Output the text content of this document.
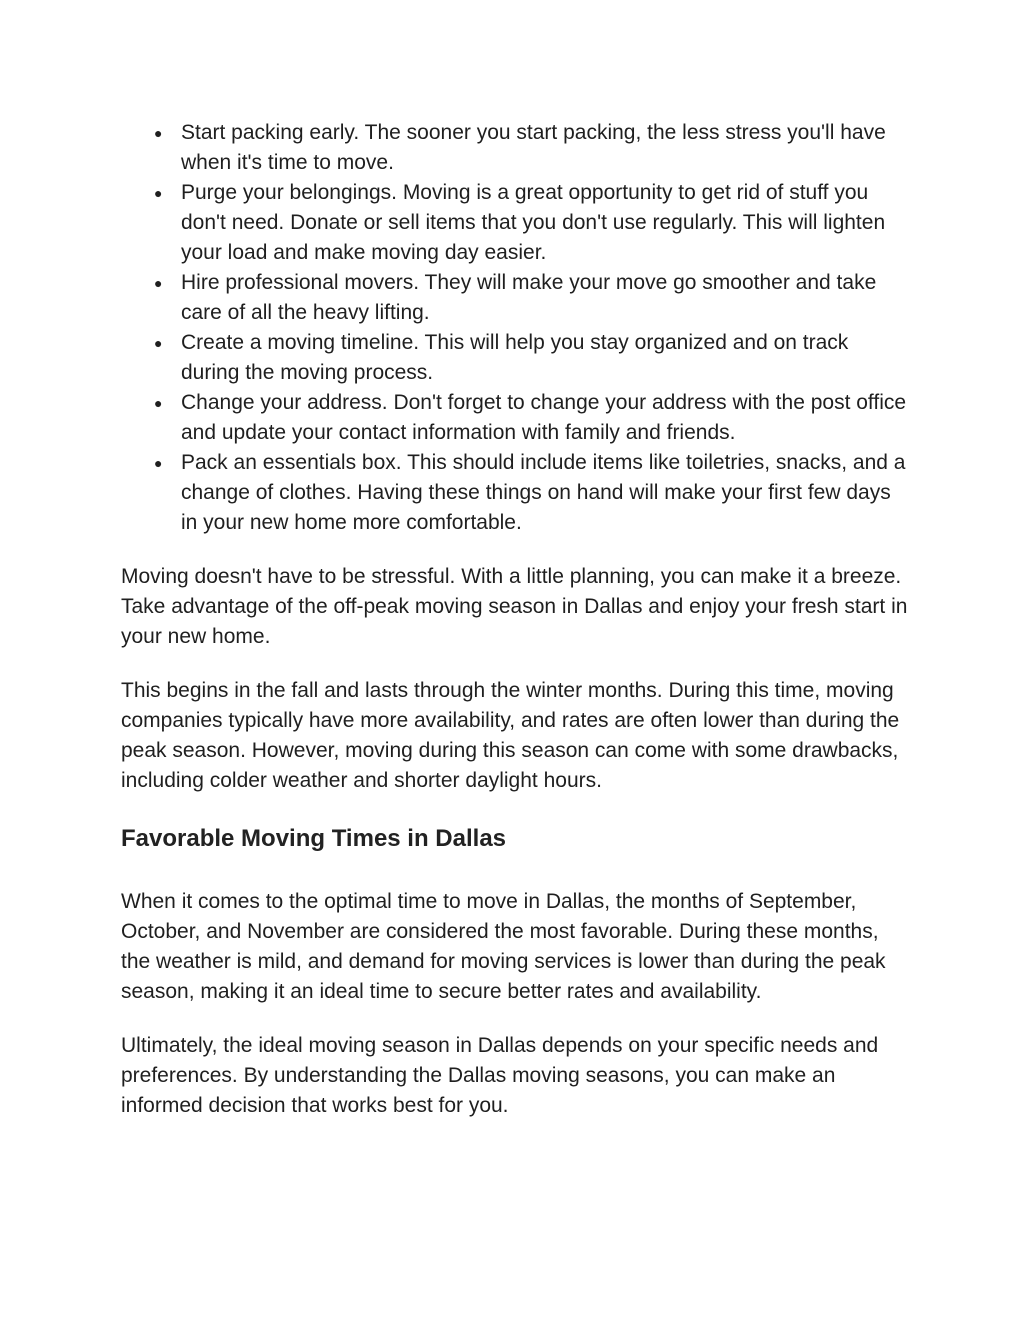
● Start packing early. The sooner you start packing, the less stress you'll have when it's time to move.
● Purge your belongings. Moving is a great opportunity to get rid of stuff you don't need. Donate or sell items that you don't use regularly. This will lighten your load and make moving day easier.
● Hire professional movers. They will make your move go smoother and take care of all the heavy lifting.
● Create a moving timeline. This will help you stay organized and on track during the moving process.
● Change your address. Don't forget to change your address with the post office and update your contact information with family and friends.
● Pack an essentials box. This should include items like toiletries, snacks, and a change of clothes. Having these things on hand will make your first few days in your new home more comfortable.

Moving doesn't have to be stressful. With a little planning, you can make it a breeze. Take advantage of the off-peak moving season in Dallas and enjoy your fresh start in your new home.

This begins in the fall and lasts through the winter months. During this time, moving companies typically have more availability, and rates are often lower than during the peak season. However, moving during this season can come with some drawbacks, including colder weather and shorter daylight hours.

Favorable Moving Times in Dallas

When it comes to the optimal time to move in Dallas, the months of September, October, and November are considered the most favorable. During these months, the weather is mild, and demand for moving services is lower than during the peak season, making it an ideal time to secure better rates and availability.

Ultimately, the ideal moving season in Dallas depends on your specific needs and preferences. By understanding the Dallas moving seasons, you can make an informed decision that works best for you.
